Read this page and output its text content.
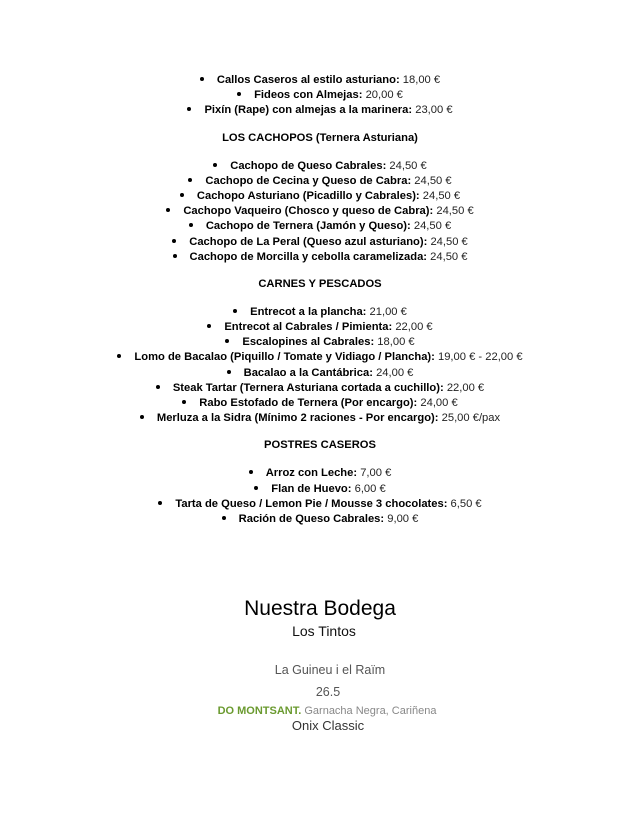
Callos Caseros al estilo asturiano: 18,00 €
Fideos con Almejas: 20,00 €
Pixín (Rape) con almejas a la marinera: 23,00 €
LOS CACHOPOS (Ternera Asturiana)
Cachopo de Queso Cabrales: 24,50 €
Cachopo de Cecina y Queso de Cabra: 24,50 €
Cachopo Asturiano (Picadillo y Cabrales): 24,50 €
Cachopo Vaqueiro (Chosco y queso de Cabra): 24,50 €
Cachopo de Ternera (Jamón y Queso): 24,50 €
Cachopo de La Peral (Queso azul asturiano): 24,50 €
Cachopo de Morcilla y cebolla caramelizada: 24,50 €
CARNES Y PESCADOS
Entrecot a la plancha: 21,00 €
Entrecot al Cabrales / Pimienta: 22,00 €
Escalopines al Cabrales: 18,00 €
Lomo de Bacalao (Piquillo / Tomate y Vidiago / Plancha): 19,00 € - 22,00 €
Bacalao a la Cantábrica: 24,00 €
Steak Tartar (Ternera Asturiana cortada a cuchillo): 22,00 €
Rabo Estofado de Ternera (Por encargo): 24,00 €
Merluza a la Sidra (Mínimo 2 raciones - Por encargo): 25,00 €/pax
POSTRES CASEROS
Arroz con Leche: 7,00 €
Flan de Huevo: 6,00 €
Tarta de Queso / Lemon Pie / Mousse 3 chocolates: 6,50 €
Ración de Queso Cabrales: 9,00 €
Nuestra Bodega
Los Tintos
La Guineu i el Raïm
26.5
DO MONTSANT. Garnacha Negra, Cariñena
Onix Classic
